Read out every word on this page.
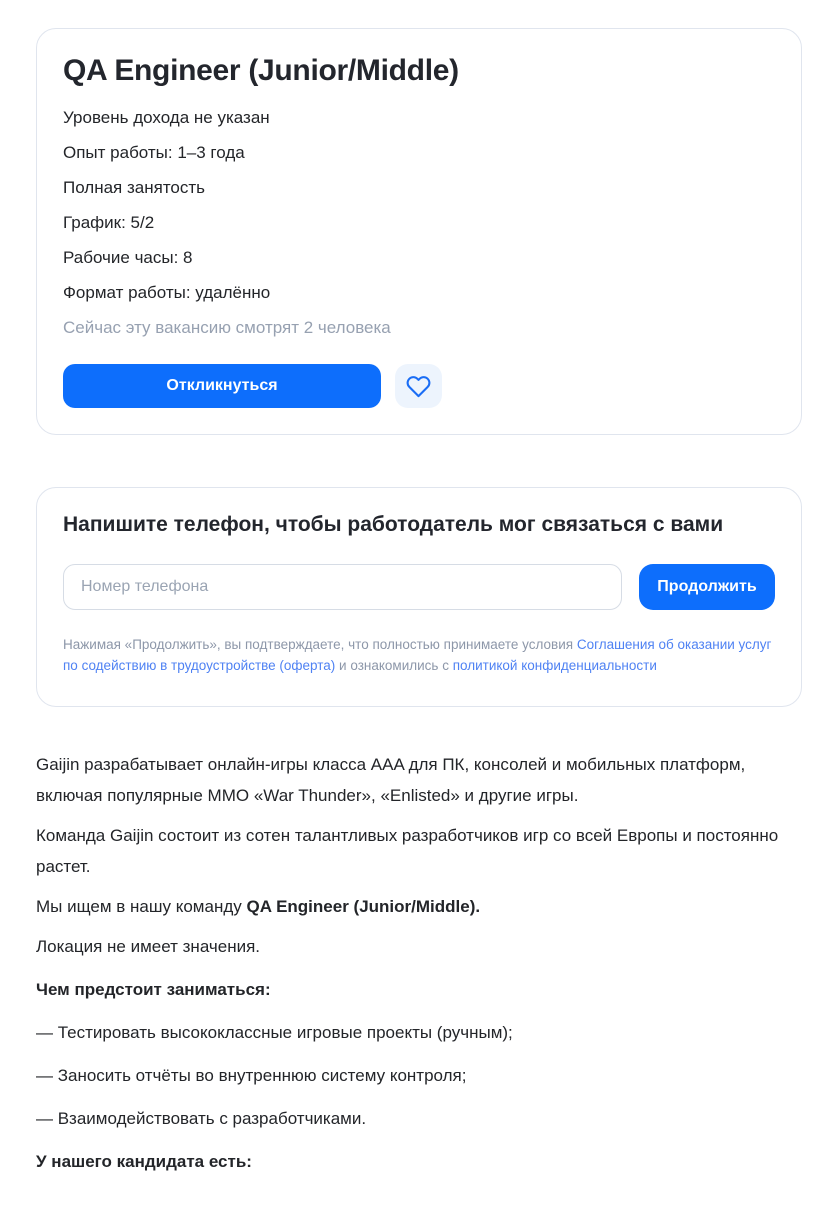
QA Engineer (Junior/Middle)
Уровень дохода не указан
Опыт работы: 1–3 года
Полная занятость
График: 5/2
Рабочие часы: 8
Формат работы: удалённо
Сейчас эту вакансию смотрят 2 человека
Откликнуться
Напишите телефон, чтобы работодатель мог связаться с вами
Номер телефона
Продолжить
Нажимая «Продолжить», вы подтверждаете, что полностью принимаете условия Соглашения об оказании услуг по содействию в трудоустройстве (оферта) и ознакомились с политикой конфиденциальности

Gaijin разрабатывает онлайн-игры класса AAA для ПК, консолей и мобильных платформ, включая популярные MMO «War Thunder», «Enlisted» и другие игры.

Команда Gaijin состоит из сотен талантливых разработчиков игр со всей Европы и постоянно растет.

Мы ищем в нашу команду QA Engineer (Junior/Middle).

Локация не имеет значения.

Чем предстоит заниматься:

— Тестировать высококлассные игровые проекты (ручным);

— Заносить отчёты во внутреннюю систему контроля;

— Взаимодействовать с разработчиками.

У нашего кандидата есть:
